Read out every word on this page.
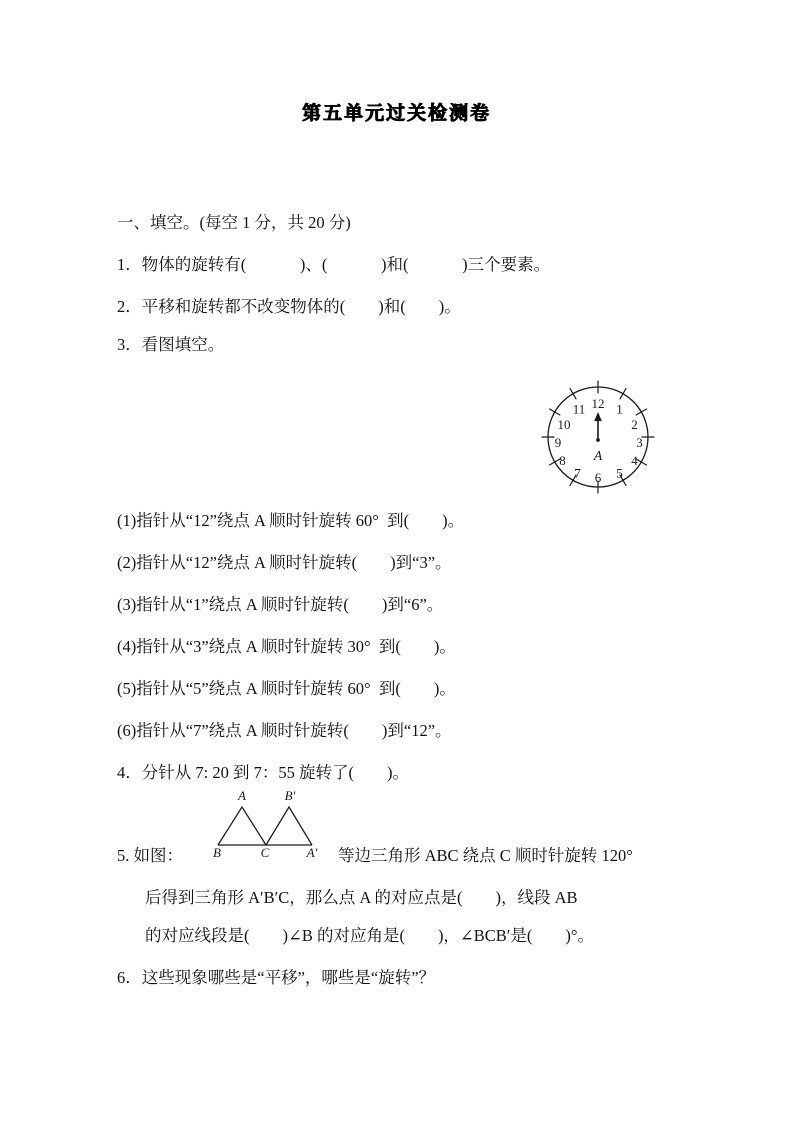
第五单元过关检测卷
一、填空。(每空 1 分，共 20 分)
1．物体的旋转有(             )、(             )和(             )三个要素。
2．平移和旋转都不改变物体的(        )和(        )。
3．看图填空。
12 1
2
3
4
5
6
7
8
9
10
11
A
(1)指针从“12”绕点 A 顺时针旋转 60°  到(        )。
(2)指针从“12”绕点 A 顺时针旋转(        )到“3”。
(3)指针从“1”绕点 A 顺时针旋转(        )到“6”。
(4)指针从“3”绕点 A 顺时针旋转 30°  到(        )。
(5)指针从“5”绕点 A 顺时针旋转 60°  到(        )。
(6)指针从“7”绕点 A 顺时针旋转(        )到“12”。
4．分针从 7: 20 到 7：55 旋转了(        )。
A	B′
B	C	A′
5. 如图：	等边三角形 ABC 绕点 C 顺时针旋转 120°
后得到三角形 A′B′C，那么点 A 的对应点是(        )，线段 AB
的对应线段是(        )∠B 的对应角是(        )，∠BCB′是(        )°。
6．这些现象哪些是“平移”，哪些是“旋转”？
